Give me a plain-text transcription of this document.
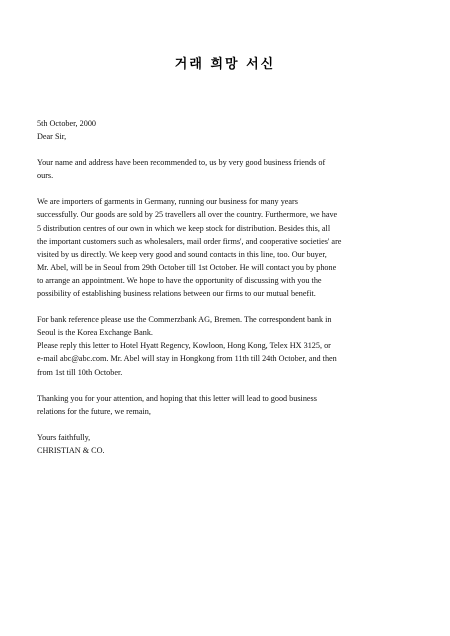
거래 희망 서신
5th October, 2000
Dear Sir,
Your name and address have been recommended to, us by very good business friends of
ours.
We are importers of garments in Germany, running our business for many years
successfully. Our goods are sold by 25 travellers all over the country. Furthermore, we have
5 distribution centres of our own in which we keep stock for distribution. Besides this, all
the important customers such as wholesalers, mail order firms', and cooperative societies' are
visited by us directly. We keep very good and sound contacts in this line, too. Our buyer,
Mr. Abel, will be in Seoul from 29th October till 1st October. He will contact you by phone
to arrange an appointment. We hope to have the opportunity of discussing with you the
possibility of establishing business relations between our firms to our mutual benefit.
For bank reference please use the Commerzbank AG, Bremen. The correspondent bank in
Seoul is the Korea Exchange Bank.
Please reply this letter to Hotel Hyatt Regency, Kowloon, Hong Kong, Telex HX 3125, or
e-mail abc@abc.com. Mr. Abel will stay in Hongkong from 11th till 24th October, and then
from 1st till 10th October.
Thanking you for your attention, and hoping that this letter will lead to good business
relations for the future, we remain,
Yours faithfully,
CHRISTIAN & CO.
